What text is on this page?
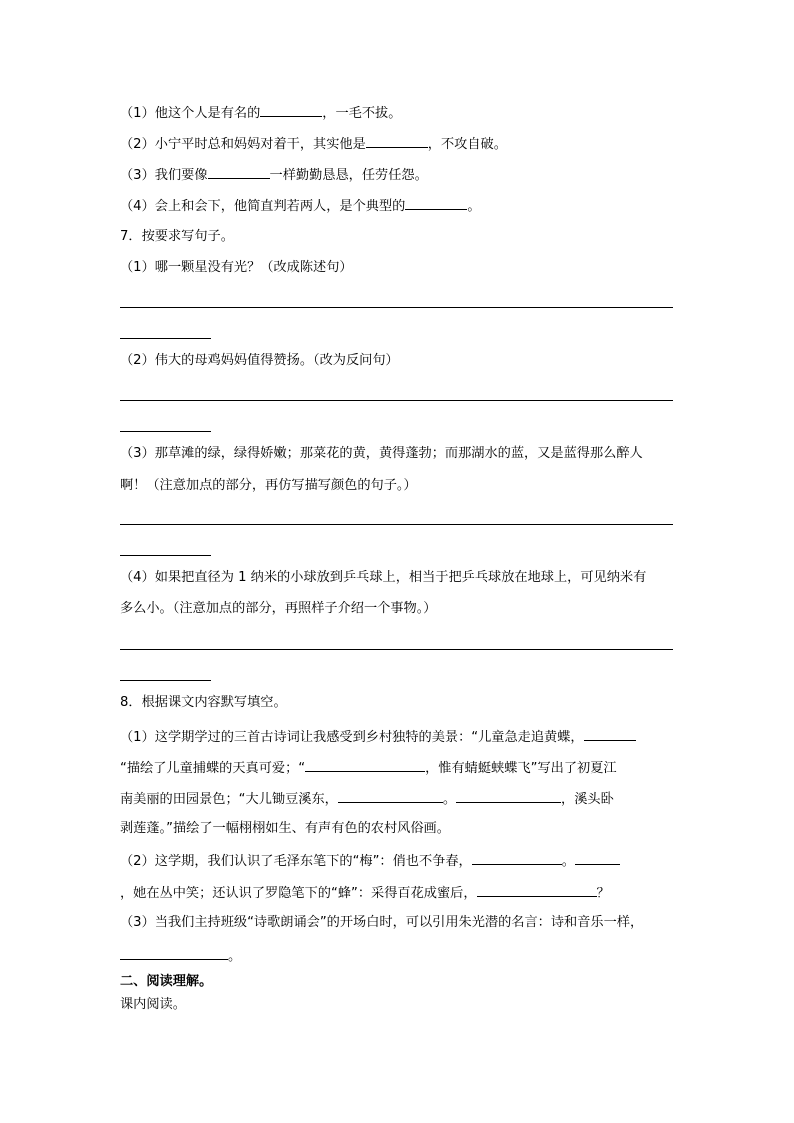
（1）他这个人是有名的	，一毛不拔。
（2）小宁平时总和妈妈对着干，其实他是	，不攻自破。
（3）我们要像	一样勤勤恳恳，任劳任怨。
（4）会上和会下，他简直判若两人，是个典型的	。
7．按要求写句子。
（1）哪一颗星没有光？（改成陈述句）
（2）伟大的母鸡妈妈值得赞扬。（改为反问句）
（3）那草滩的绿，绿得娇嫩；那菜花的黄，黄得蓬勃；而那湖水的蓝，又是蓝得那么醉人
啊！（注意加点的部分，再仿写描写颜色的句子。）
（4）如果把直径为 1 纳米的小球放到乒乓球上，相当于把乒乓球放在地球上，可见纳米有
多么小。（注意加点的部分，再照样子介绍一个事物。）
8．根据课文内容默写填空。
（1）这学期学过的三首古诗词让我感受到乡村独特的美景：“儿童急走追黄蝶，
“描绘了儿童捕蝶的天真可爱；“	，惟有蜻蜓蛱蝶飞”写出了初夏江
南美丽的田园景色；“大儿锄豆溪东，	。	，溪头卧
剥莲蓬。”描绘了一幅栩栩如生、有声有色的农村风俗画。
（2）这学期，我们认识了毛泽东笔下的“梅”：俏也不争春，	。
，她在丛中笑；还认识了罗隐笔下的“蜂”：采得百花成蜜后，	？
（3）当我们主持班级“诗歌朗诵会”的开场白时，可以引用朱光潜的名言：诗和音乐一样，
。
二、阅读理解。
课内阅读。
